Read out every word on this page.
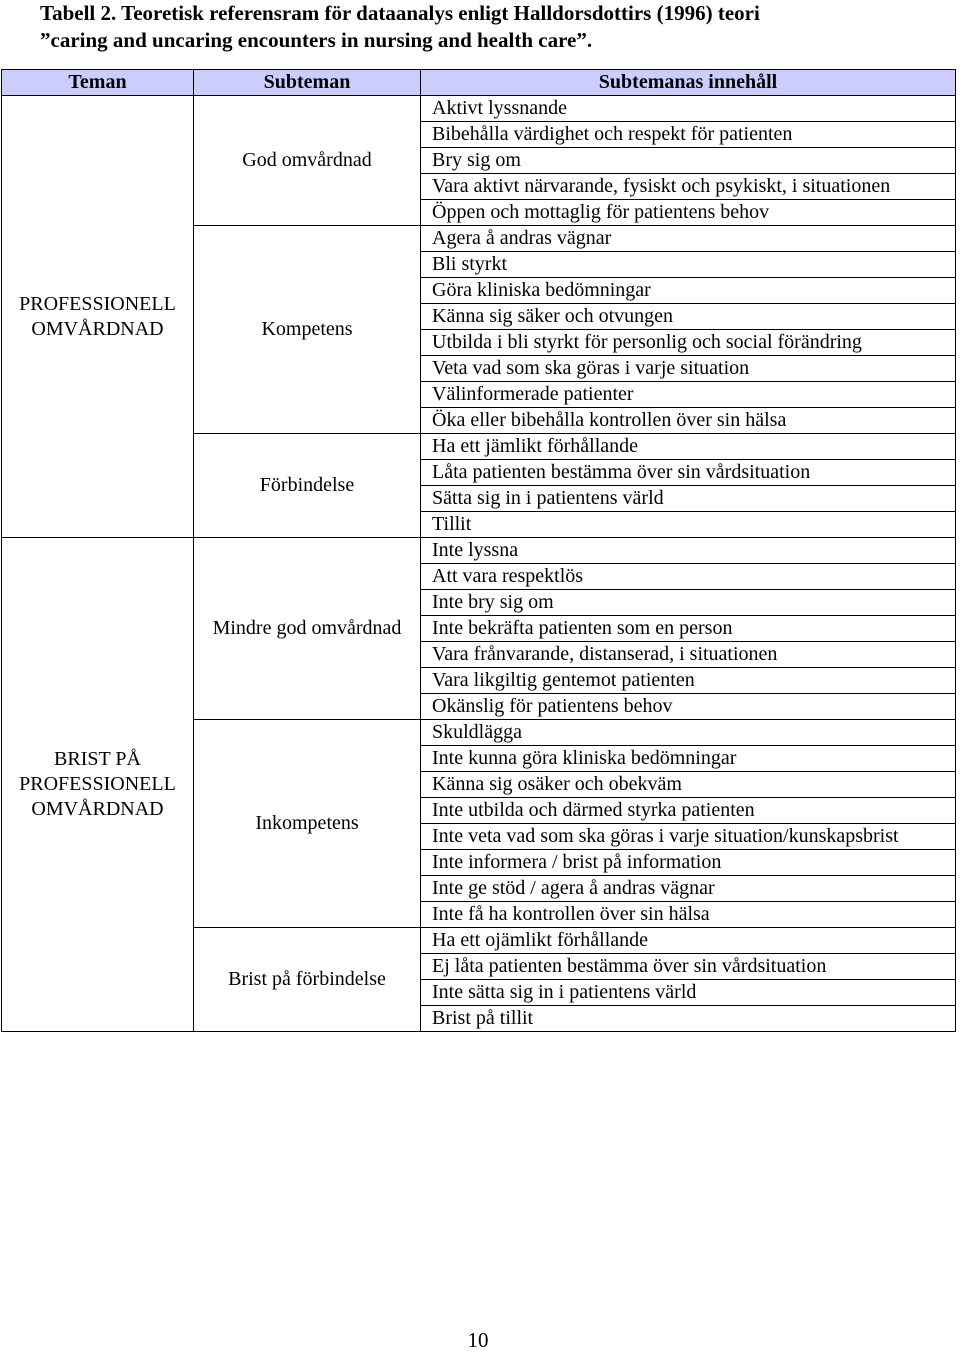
Tabell 2. Teoretisk referensram för dataanalys enligt Halldorsdottirs (1996) teori
”caring and uncaring encounters in nursing and health care”.
Teman	Subteman	Subtemanas innehåll

PROFESSIONELL
OMVÅRDNAD	God omvårdnad	Aktivt lyssnande
		Bibehålla värdighet och respekt för patienten
		Bry sig om
		Vara aktivt närvarande, fysiskt och psykiskt, i situationen
		Öppen och mottaglig för patientens behov
	Kompetens	Agera å andras vägnar
		Bli styrkt
		Göra kliniska bedömningar
		Känna sig säker och otvungen
		Utbilda i bli styrkt för personlig och social förändring
		Veta vad som ska göras i varje situation
		Välinformerade patienter
		Öka eller bibehålla kontrollen över sin hälsa
	Förbindelse	Ha ett jämlikt förhållande
		Låta patienten bestämma över sin vårdsituation
		Sätta sig in i patientens värld
		Tillit

BRIST PÅ
PROFESSIONELL
OMVÅRDNAD	Mindre god omvårdnad	Inte lyssna
		Att vara respektlös
		Inte bry sig om
		Inte bekräfta patienten som en person
		Vara frånvarande, distanserad, i situationen
		Vara likgiltig gentemot patienten
		Okänslig för patientens behov
	Inkompetens	Skuldlägga
		Inte kunna göra kliniska bedömningar
		Känna sig osäker och obekväm
		Inte utbilda och därmed styrka patienten
		Inte veta vad som ska göras i varje situation/kunskapsbrist
		Inte informera / brist på information
		Inte ge stöd / agera å andras vägnar
		Inte få ha kontrollen över sin hälsa
	Brist på förbindelse	Ha ett ojämlikt förhållande
		Ej låta patienten bestämma över sin vårdsituation
		Inte sätta sig in i patientens värld
		Brist på tillit
10
